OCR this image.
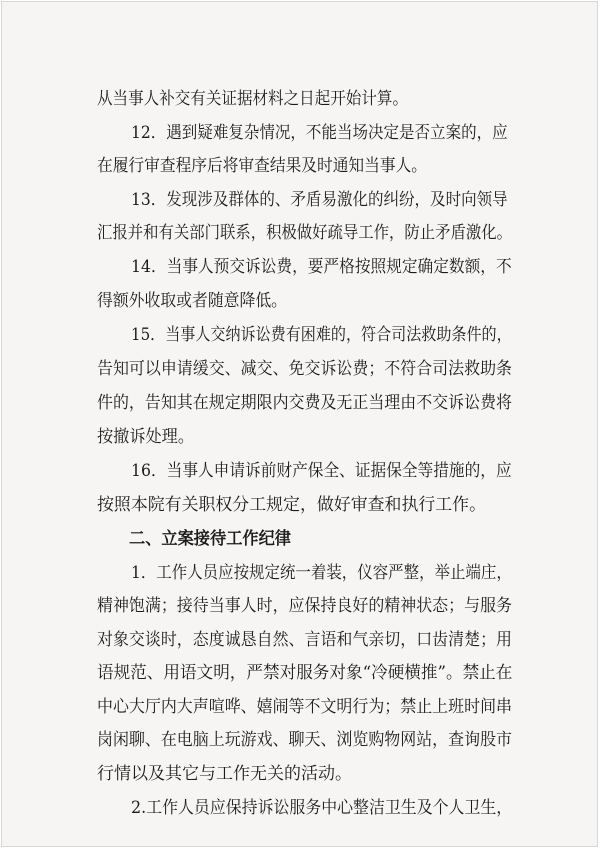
从当事人补交有关证据材料之日起开始计算。
12．遇到疑难复杂情况，不能当场决定是否立案的，应
在履行审查程序后将审查结果及时通知当事人。
13．发现涉及群体的、矛盾易激化的纠纷，及时向领导
汇报并和有关部门联系，积极做好疏导工作，防止矛盾激化。
14．当事人预交诉讼费，要严格按照规定确定数额，不
得额外收取或者随意降低。
15．当事人交纳诉讼费有困难的，符合司法救助条件的，
告知可以申请缓交、减交、免交诉讼费；不符合司法救助条
件的，告知其在规定期限内交费及无正当理由不交诉讼费将
按撤诉处理。
16．当事人申请诉前财产保全、证据保全等措施的，应
按照本院有关职权分工规定，做好审查和执行工作。
二、立案接待工作纪律
1．工作人员应按规定统一着装，仪容严整，举止端庄，
精神饱满；接待当事人时，应保持良好的精神状态；与服务
对象交谈时，态度诚恳自然、言语和气亲切，口齿清楚；用
语规范、用语文明，严禁对服务对象“冷硬横推”。禁止在
中心大厅内大声喧哗、嬉闹等不文明行为；禁止上班时间串
岗闲聊、在电脑上玩游戏、聊天、浏览购物网站，查询股市
行情以及其它与工作无关的活动。
2.工作人员应保持诉讼服务中心整洁卫生及个人卫生，
